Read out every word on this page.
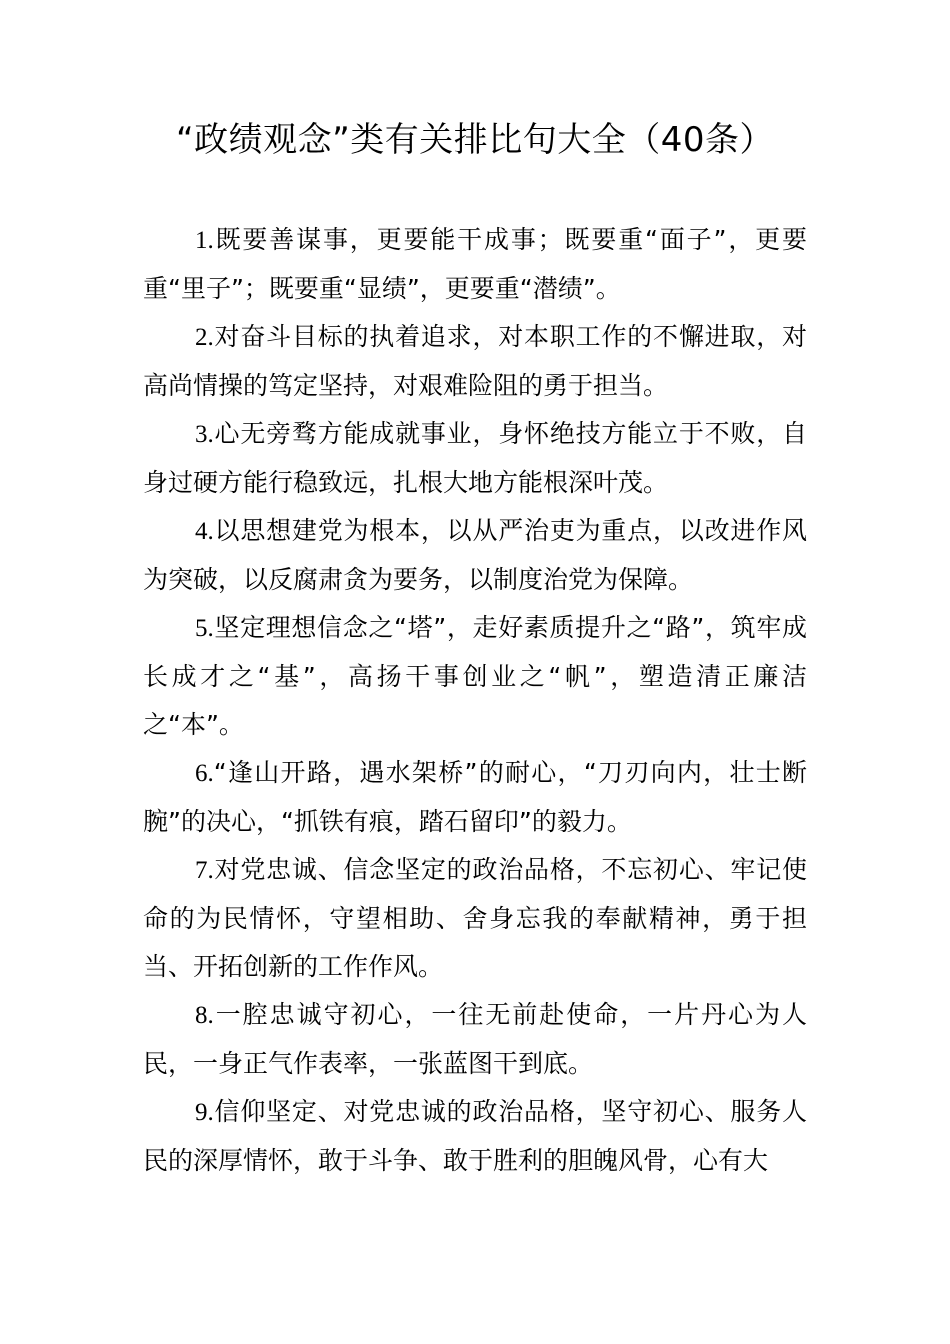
“政绩观念”类有关排比句大全（40条）

1.既要善谋事，更要能干成事；既要重“面子”，更要重“里子”；既要重“显绩”，更要重“潜绩”。

2.对奋斗目标的执着追求，对本职工作的不懈进取，对高尚情操的笃定坚持，对艰难险阻的勇于担当。

3.心无旁骛方能成就事业，身怀绝技方能立于不败，自身过硬方能行稳致远，扎根大地方能根深叶茂。

4.以思想建党为根本，以从严治吏为重点，以改进作风为突破，以反腐肃贪为要务，以制度治党为保障。

5.坚定理想信念之“塔”，走好素质提升之“路”，筑牢成长成才之“基”，高扬干事创业之“帆”，塑造清正廉洁之“本”。

6.“逢山开路，遇水架桥”的耐心，“刀刃向内，壮士断腕”的决心，“抓铁有痕，踏石留印”的毅力。

7.对党忠诚、信念坚定的政治品格，不忘初心、牢记使命的为民情怀，守望相助、舍身忘我的奉献精神，勇于担当、开拓创新的工作作风。

8.一腔忠诚守初心，一往无前赴使命，一片丹心为人民，一身正气作表率，一张蓝图干到底。

9.信仰坚定、对党忠诚的政治品格，坚守初心、服务人民的深厚情怀，敢于斗争、敢于胜利的胆魄风骨，心有大
